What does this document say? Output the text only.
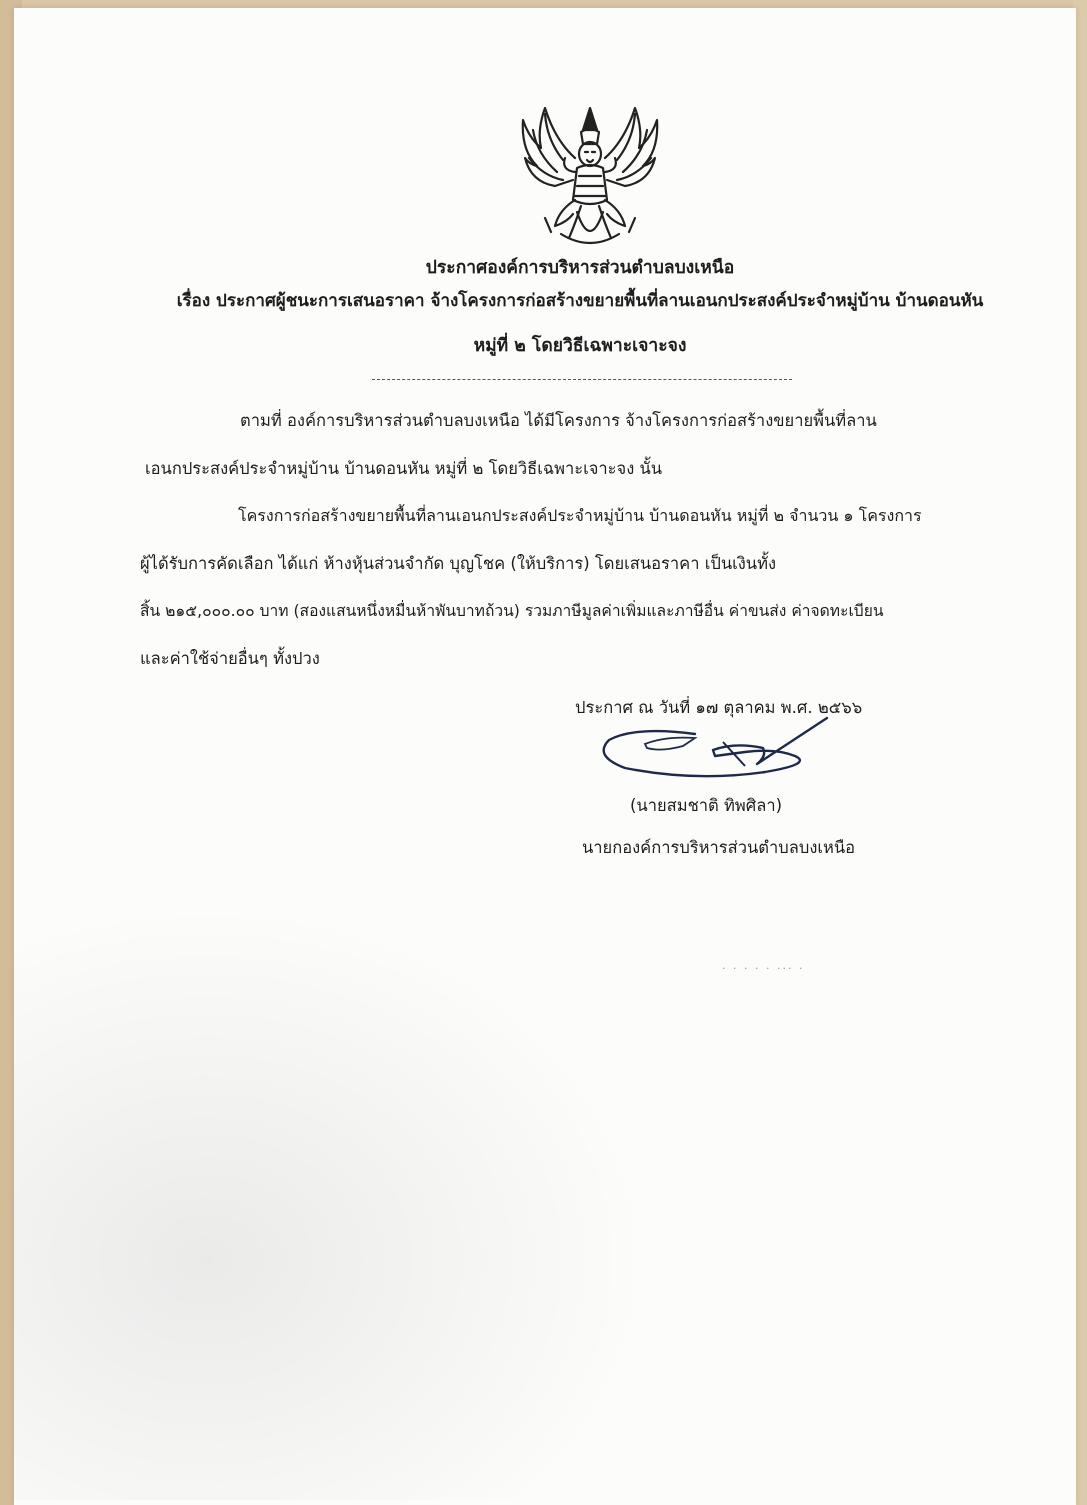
ประกาศองค์การบริหารส่วนตำบลบงเหนือ
เรื่อง ประกาศผู้ชนะการเสนอราคา จ้างโครงการก่อสร้างขยายพื้นที่ลานเอนกประสงค์ประจำหมู่บ้าน บ้านดอนหัน
หมู่ที่ ๒ โดยวิธีเฉพาะเจาะจง
ตามที่ องค์การบริหารส่วนตำบลบงเหนือ ได้มีโครงการ จ้างโครงการก่อสร้างขยายพื้นที่ลาน
เอนกประสงค์ประจำหมู่บ้าน บ้านดอนหัน หมู่ที่ ๒ โดยวิธีเฉพาะเจาะจง นั้น
โครงการก่อสร้างขยายพื้นที่ลานเอนกประสงค์ประจำหมู่บ้าน บ้านดอนหัน หมู่ที่ ๒ จำนวน ๑ โครงการ
ผู้ได้รับการคัดเลือก ได้แก่ ห้างหุ้นส่วนจำกัด บุญโชค (ให้บริการ) โดยเสนอราคา เป็นเงินทั้ง
สิ้น ๒๑๕,๐๐๐.๐๐ บาท (สองแสนหนึ่งหมื่นห้าพันบาทถ้วน) รวมภาษีมูลค่าเพิ่มและภาษีอื่น ค่าขนส่ง ค่าจดทะเบียน
และค่าใช้จ่ายอื่นๆ ทั้งปวง
ประกาศ ณ วันที่ ๑๗ ตุลาคม พ.ศ. ๒๕๖๖
(นายสมชาติ ทิพศิลา)
นายกองค์การบริหารส่วนตำบลบงเหนือ
· · · · · ··· ·
